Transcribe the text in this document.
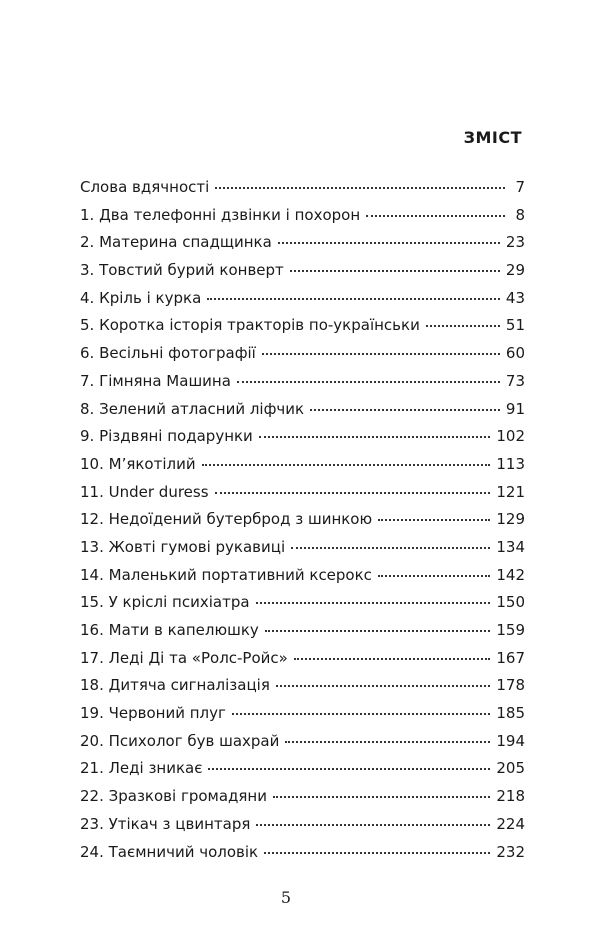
ЗМІСТ
Слова вдячності	7
1. Два телефонні дзвінки і похорон	8
2. Материна спадщинка	23
3. Товстий бурий конверт	29
4. Кріль і курка	43
5. Коротка історія тракторів по-українськи	51
6. Весільні фотографії	60
7. Гімняна Машина	73
8. Зелений атласний ліфчик	91
9. Різдвяні подарунки	102
10. М’якотілий	113
11. Under duress	121
12. Недоїдений бутерброд з шинкою	129
13. Жовті гумові рукавиці	134
14. Маленький портативний ксерокс	142
15. У кріслі психіатра	150
16. Мати в капелюшку	159
17. Леді Ді та «Ролс-Ройс»	167
18. Дитяча сигналізація	178
19. Червоний плуг	185
20. Психолог був шахрай	194
21. Леді зникає	205
22. Зразкові громадяни	218
23. Утікач з цвинтаря	224
24. Таємничий чоловік	232
5
